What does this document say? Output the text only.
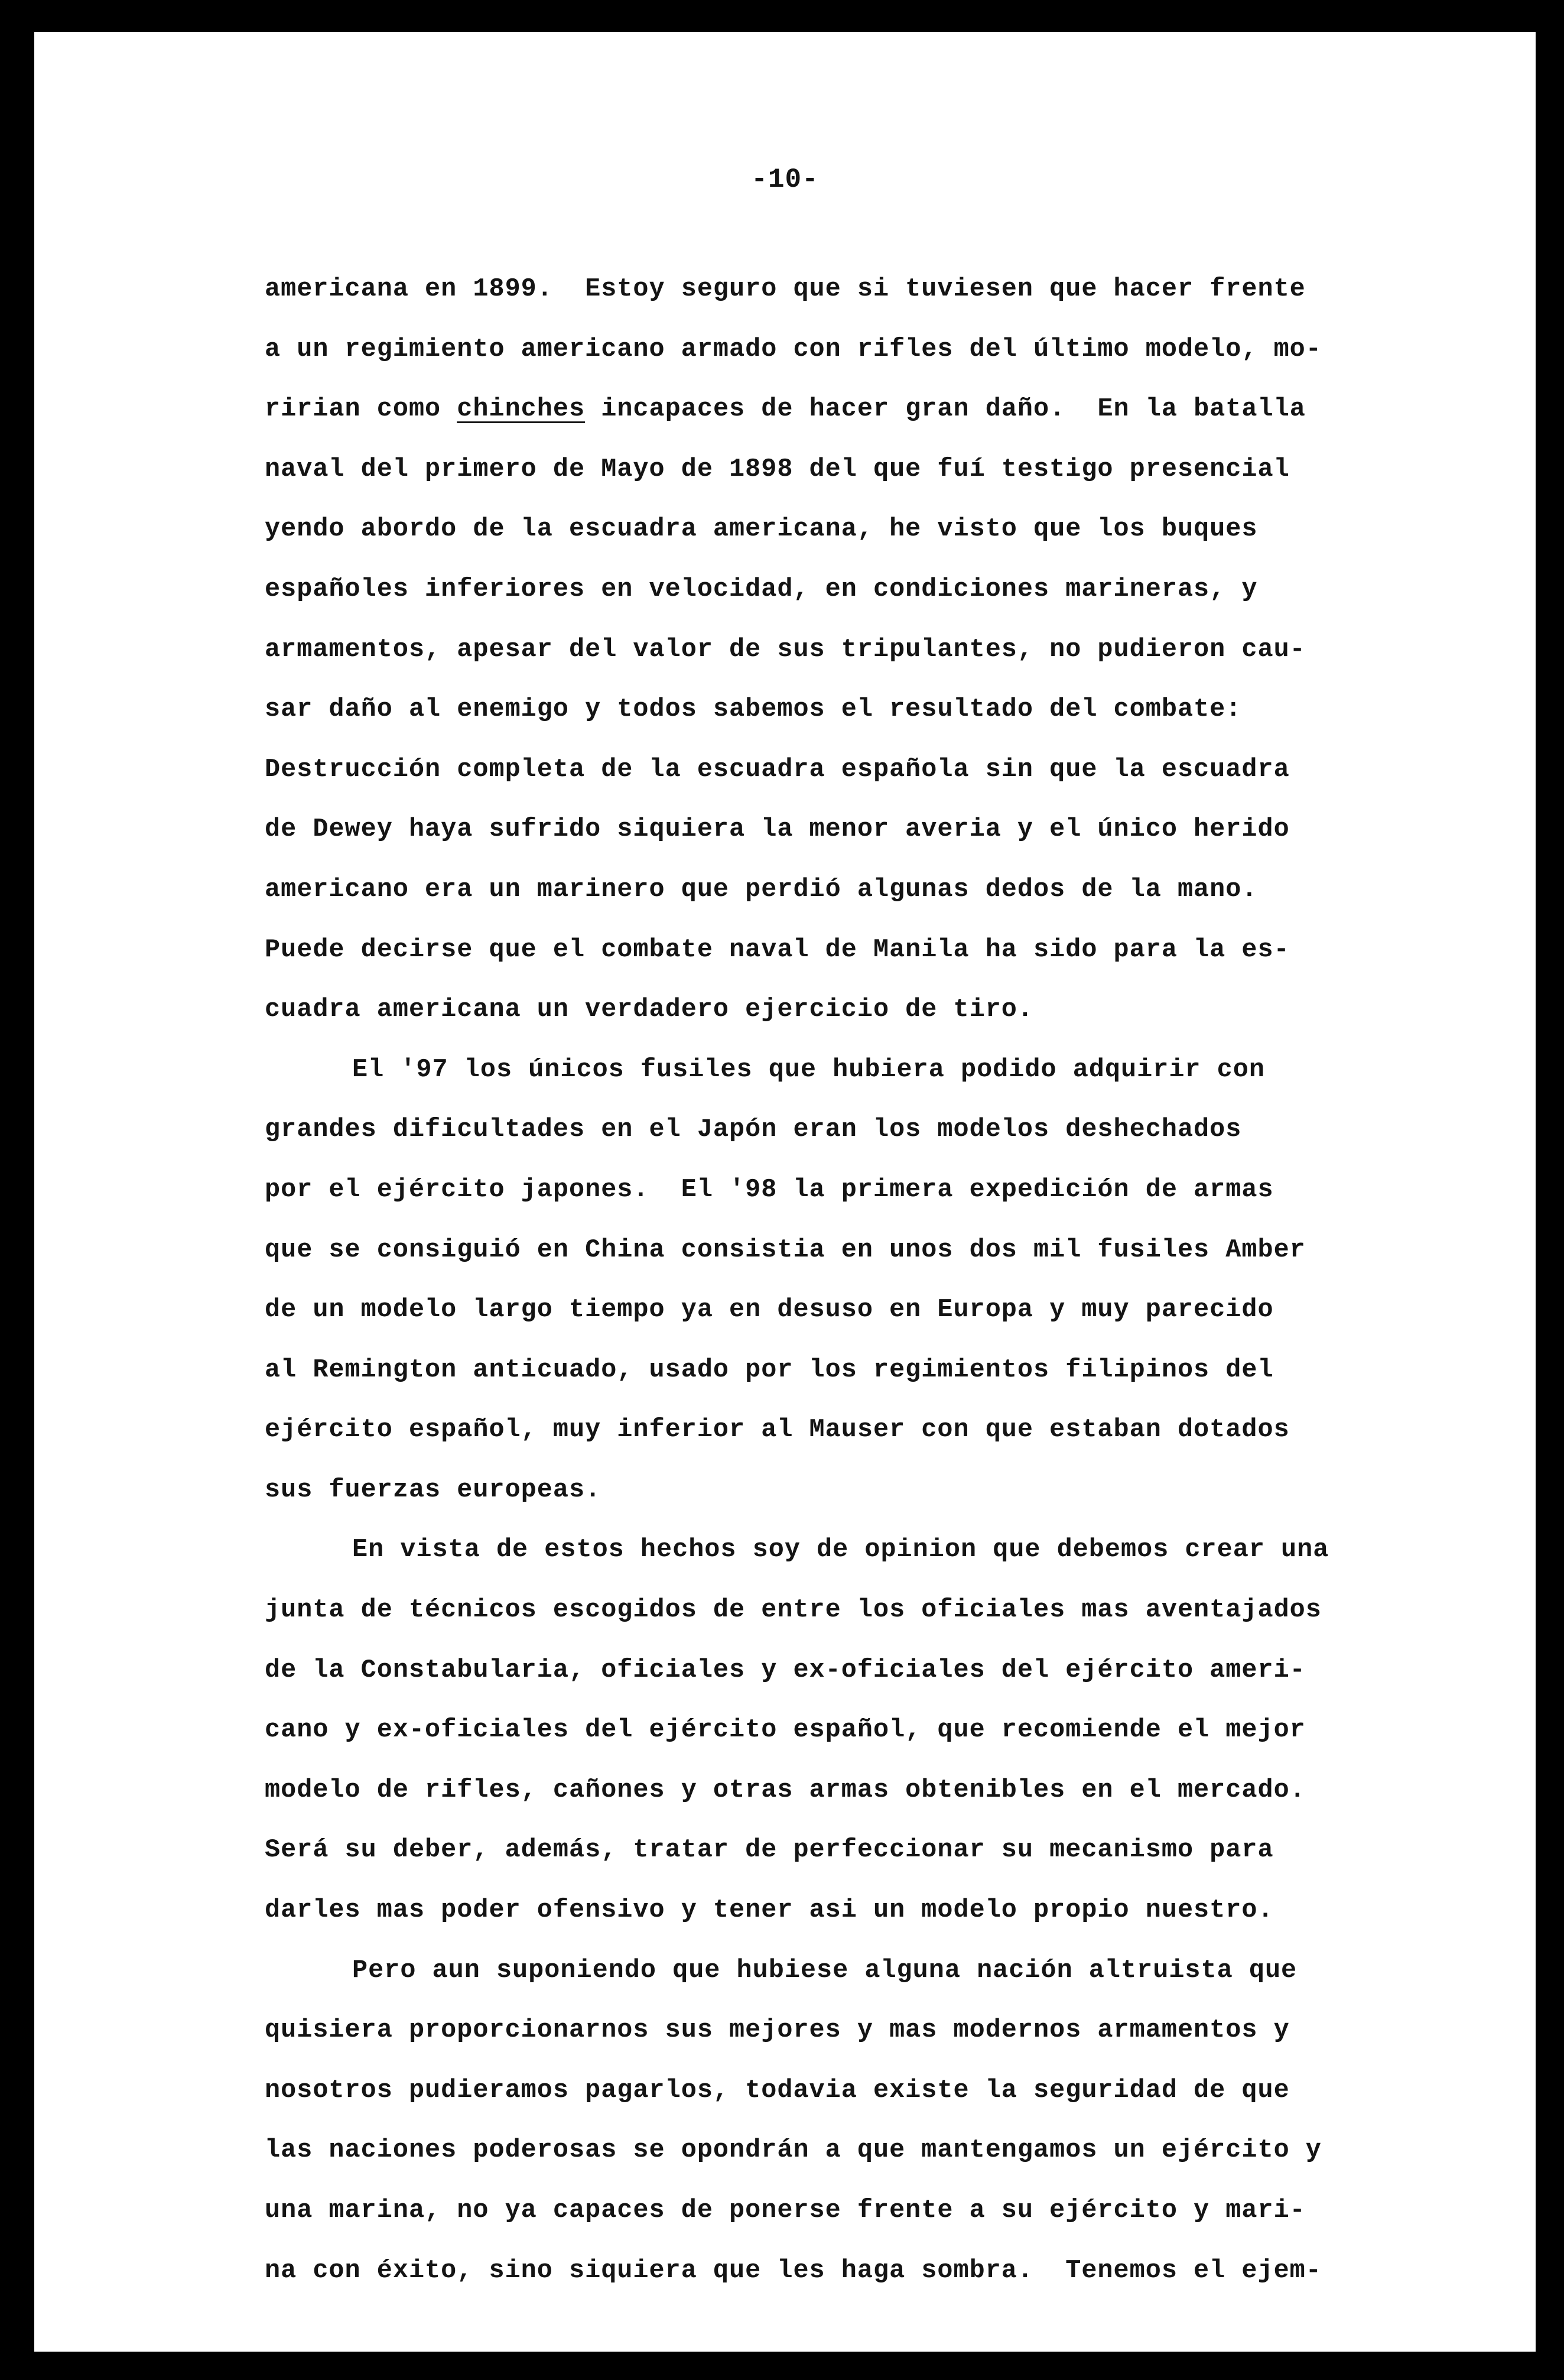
-10-
americana en 1899.  Estoy seguro que si tuviesen que hacer frente
a un regimiento americano armado con rifles del último modelo, mo-
ririan como chinches incapaces de hacer gran daño.  En la batalla
naval del primero de Mayo de 1898 del que fuí testigo presencial
yendo abordo de la escuadra americana, he visto que los buques
españoles inferiores en velocidad, en condiciones marineras, y
armamentos, apesar del valor de sus tripulantes, no pudieron cau-
sar daño al enemigo y todos sabemos el resultado del combate:
Destrucción completa de la escuadra española sin que la escuadra
de Dewey haya sufrido siquiera la menor averia y el único herido
americano era un marinero que perdió algunas dedos de la mano.
Puede decirse que el combate naval de Manila ha sido para la es-
cuadra americana un verdadero ejercicio de tiro.
El '97 los únicos fusiles que hubiera podido adquirir con
grandes dificultades en el Japón eran los modelos deshechados
por el ejército japones.  El '98 la primera expedición de armas
que se consiguió en China consistia en unos dos mil fusiles Amber
de un modelo largo tiempo ya en desuso en Europa y muy parecido
al Remington anticuado, usado por los regimientos filipinos del
ejército español, muy inferior al Mauser con que estaban dotados
sus fuerzas europeas.
En vista de estos hechos soy de opinion que debemos crear una
junta de técnicos escogidos de entre los oficiales mas aventajados
de la Constabularia, oficiales y ex-oficiales del ejército ameri-
cano y ex-oficiales del ejército español, que recomiende el mejor
modelo de rifles, cañones y otras armas obtenibles en el mercado.
Será su deber, además, tratar de perfeccionar su mecanismo para
darles mas poder ofensivo y tener asi un modelo propio nuestro.
Pero aun suponiendo que hubiese alguna nación altruista que
quisiera proporcionarnos sus mejores y mas modernos armamentos y
nosotros pudieramos pagarlos, todavia existe la seguridad de que
las naciones poderosas se opondrán a que mantengamos un ejército y
una marina, no ya capaces de ponerse frente a su ejército y mari-
na con éxito, sino siquiera que les haga sombra.  Tenemos el ejem-
